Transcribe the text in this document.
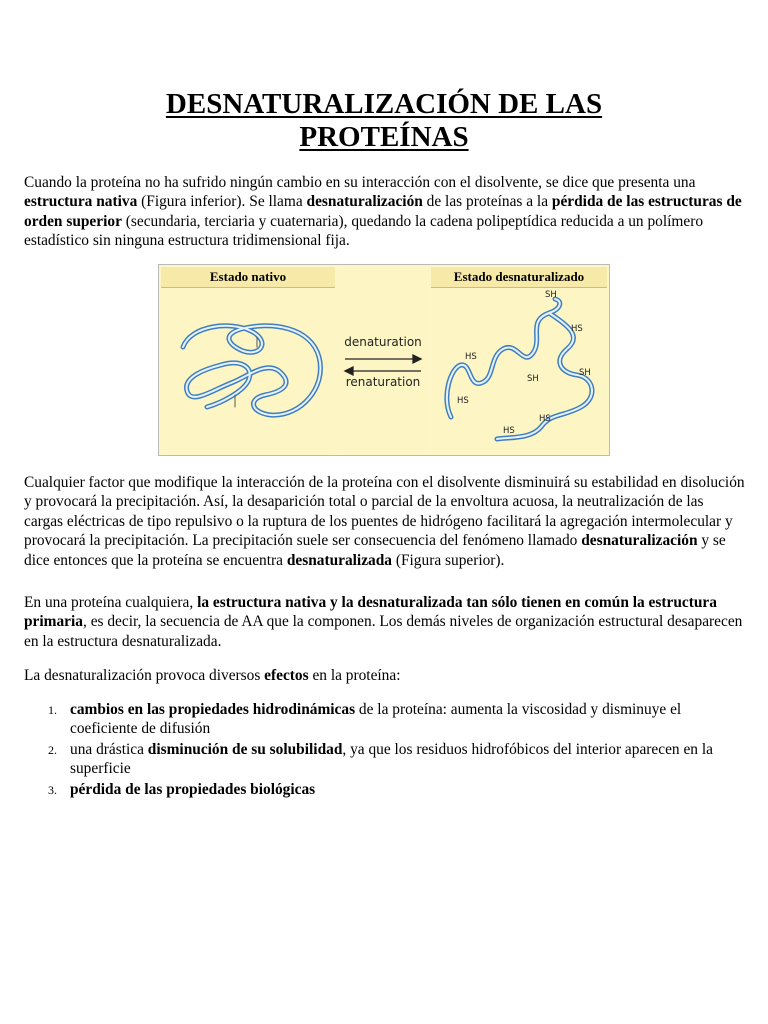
DESNATURALIZACIÓN DE LAS
PROTEÍNAS

Cuando la proteína no ha sufrido ningún cambio en su interacción con el disolvente, se dice que presenta una estructura nativa (Figura inferior). Se llama desnaturalización de las proteínas a la pérdida de las estructuras de orden superior (secundaria, terciaria y cuaternaria), quedando la cadena polipeptídica reducida a un polímero estadístico sin ninguna estructura tridimensional fija.

Estado nativo
denaturation
renaturation
Estado desnaturalizado
SH
HS
HS
SH
SH
HS
HS
HS

Cualquier factor que modifique la interacción de la proteína con el disolvente disminuirá su estabilidad en disolución y provocará la precipitación. Así, la desaparición total o parcial de la envoltura acuosa, la neutralización de las cargas eléctricas de tipo repulsivo o la ruptura de los puentes de hidrógeno facilitará la agregación intermolecular y provocará la precipitación. La precipitación suele ser consecuencia del fenómeno llamado desnaturalización y se dice entonces que la proteína se encuentra desnaturalizada (Figura superior).

En una proteína cualquiera, la estructura nativa y la desnaturalizada tan sólo tienen en común la estructura primaria, es decir, la secuencia de AA que la componen. Los demás niveles de organización estructural desaparecen en la estructura desnaturalizada.

La desnaturalización provoca diversos efectos en la proteína:

1. cambios en las propiedades hidrodinámicas de la proteína: aumenta la viscosidad y disminuye el coeficiente de difusión
2. una drástica disminución de su solubilidad, ya que los residuos hidrofóbicos del interior aparecen en la superficie
3. pérdida de las propiedades biológicas
